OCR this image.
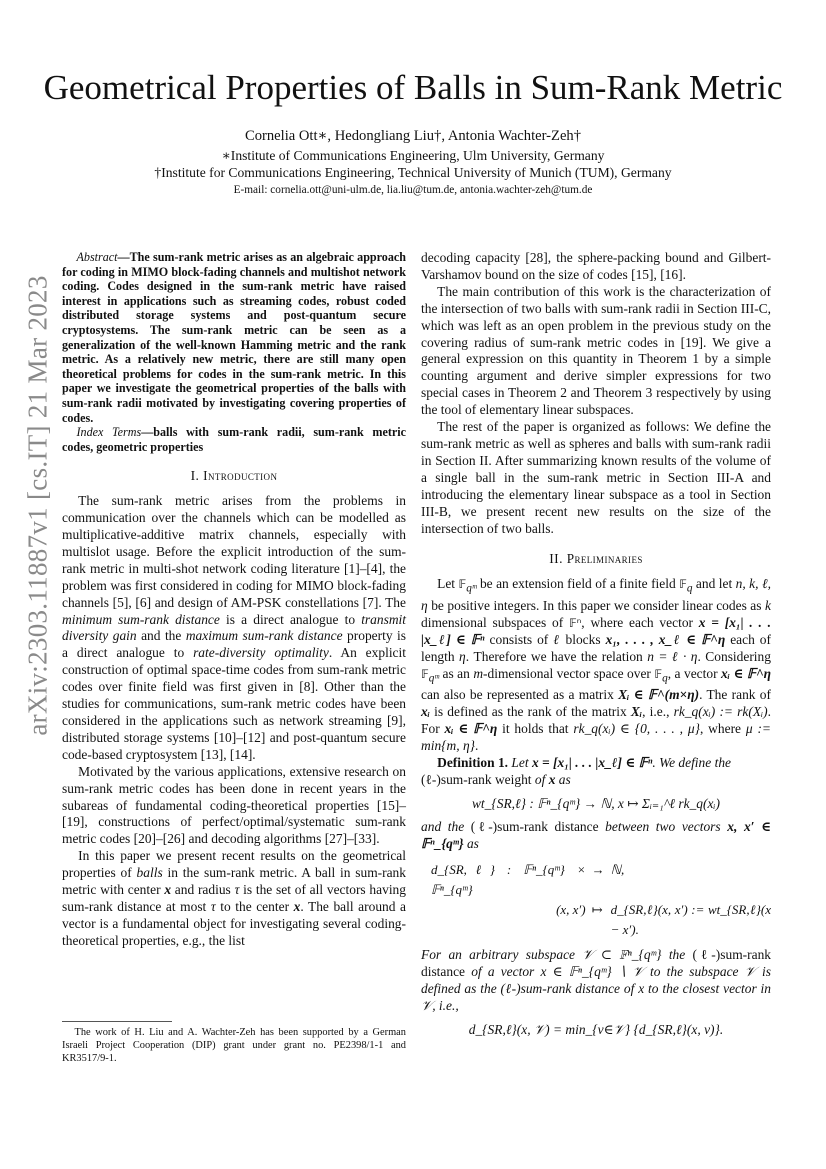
arXiv:2303.11887v1 [cs.IT] 21 Mar 2023
Geometrical Properties of Balls in Sum-Rank Metric
Cornelia Ott∗, Hedongliang Liu†, Antonia Wachter-Zeh†
∗Institute of Communications Engineering, Ulm University, Germany
†Institute for Communications Engineering, Technical University of Munich (TUM), Germany
E-mail: cornelia.ott@uni-ulm.de, lia.liu@tum.de, antonia.wachter-zeh@tum.de

Abstract—The sum-rank metric arises as an algebraic approach for coding in MIMO block-fading channels and multishot network coding. Codes designed in the sum-rank metric have raised interest in applications such as streaming codes, robust coded distributed storage systems and post-quantum secure cryptosystems. The sum-rank metric can be seen as a generalization of the well-known Hamming metric and the rank metric. As a relatively new metric, there are still many open theoretical problems for codes in the sum-rank metric. In this paper we investigate the geometrical properties of the balls with sum-rank radii motivated by investigating covering properties of codes.

Index Terms—balls with sum-rank radii, sum-rank metric codes, geometric properties

I. Introduction

The sum-rank metric arises from the problems in communication over the channels which can be modelled as multiplicative-additive matrix channels, especially with multislot usage. Before the explicit introduction of the sum-rank metric in multi-shot network coding literature [1]–[4], the problem was first considered in coding for MIMO block-fading channels [5], [6] and design of AM-PSK constellations [7]. The minimum sum-rank distance is a direct analogue to transmit diversity gain and the maximum sum-rank distance property is a direct analogue to rate-diversity optimality. An explicit construction of optimal space-time codes from sum-rank metric codes over finite field was first given in [8]. Other than the studies for communications, sum-rank metric codes have been considered in the applications such as network streaming [9], distributed storage systems [10]–[12] and post-quantum secure code-based cryptosystem [13], [14].

Motivated by the various applications, extensive research on sum-rank metric codes has been done in recent years in the subareas of fundamental coding-theoretical properties [15]–[19], constructions of perfect/optimal/systematic sum-rank metric codes [20]–[26] and decoding algorithms [27]–[33].

In this paper we present recent results on the geometrical properties of balls in the sum-rank metric. A ball in sum-rank metric with center x and radius τ is the set of all vectors having sum-rank distance at most τ to the center x. The ball around a vector is a fundamental object for investigating several coding-theoretical properties, e.g., the list

The work of H. Liu and A. Wachter-Zeh has been supported by a German Israeli Project Cooperation (DIP) grant under grant no. PE2398/1-1 and KR3517/9-1.

decoding capacity [28], the sphere-packing bound and Gilbert-Varshamov bound on the size of codes [15], [16].

The main contribution of this work is the characterization of the intersection of two balls with sum-rank radii in Section III-C, which was left as an open problem in the previous study on the covering radius of sum-rank metric codes in [19]. We give a general expression on this quantity in Theorem 1 by a simple counting argument and derive simpler expressions for two special cases in Theorem 2 and Theorem 3 respectively by using the tool of elementary linear subspaces.

The rest of the paper is organized as follows: We define the sum-rank metric as well as spheres and balls with sum-rank radii in Section II. After summarizing known results of the volume of a single ball in the sum-rank metric in Section III-A and introducing the elementary linear subspace as a tool in Section III-B, we present recent new results on the size of the intersection of two balls.

II. Preliminaries

Let 𝔽$_{qᵐ}$ be an extension field of a finite field 𝔽$_q$ and let n, k, ℓ, η be positive integers. In this paper we consider linear codes as k dimensional subspaces of 𝔽ⁿ, where each vector x = [x₁| . . . |x_ℓ] ∈ 𝔽ⁿ consists of ℓ blocks x₁, . . . , x_ℓ ∈ 𝔽^η each of length η. Therefore we have the relation n = ℓ · η. Considering 𝔽$_{qᵐ}$ as an m-dimensional vector space over 𝔽$_q$, a vector xᵢ ∈ 𝔽^η can also be represented as a matrix Xᵢ ∈ 𝔽^(m×η). The rank of xᵢ is defined as the rank of the matrix Xᵢ, i.e., rk_q(xᵢ) := rk(Xᵢ). For xᵢ ∈ 𝔽^η it holds that rk_q(xᵢ) ∈ {0, . . . , μ}, where μ := min{m, η}.

Definition 1. Let x = [x₁| . . . |x_ℓ] ∈ 𝔽ⁿ. We define the

(ℓ-)sum-rank weight of x as

wt_{SR,ℓ} : 𝔽ⁿ_{qᵐ} → ℕ, x ↦ Σᵢ₌₁^ℓ rk_q(xᵢ)

and the (ℓ-)sum-rank distance between two vectors x, x′ ∈ 𝔽ⁿ_{qᵐ} as

d_{SR,ℓ} : 𝔽ⁿ_{qᵐ} × 𝔽ⁿ_{qᵐ}
→ ℕ,
(x, x′) ↦ d_{SR,ℓ}(x, x′) := wt_{SR,ℓ}(x − x′).

For an arbitrary subspace 𝒱 ⊂ 𝔽ⁿ_{qᵐ} the (ℓ-)sum-rank distance of a vector x ∈ 𝔽ⁿ_{qᵐ} ∖ 𝒱 to the subspace 𝒱 is defined as the (ℓ-)sum-rank distance of x to the closest vector in 𝒱, i.e.,

d_{SR,ℓ}(x, 𝒱) = min_{v∈𝒱} {d_{SR,ℓ}(x, v)}.
